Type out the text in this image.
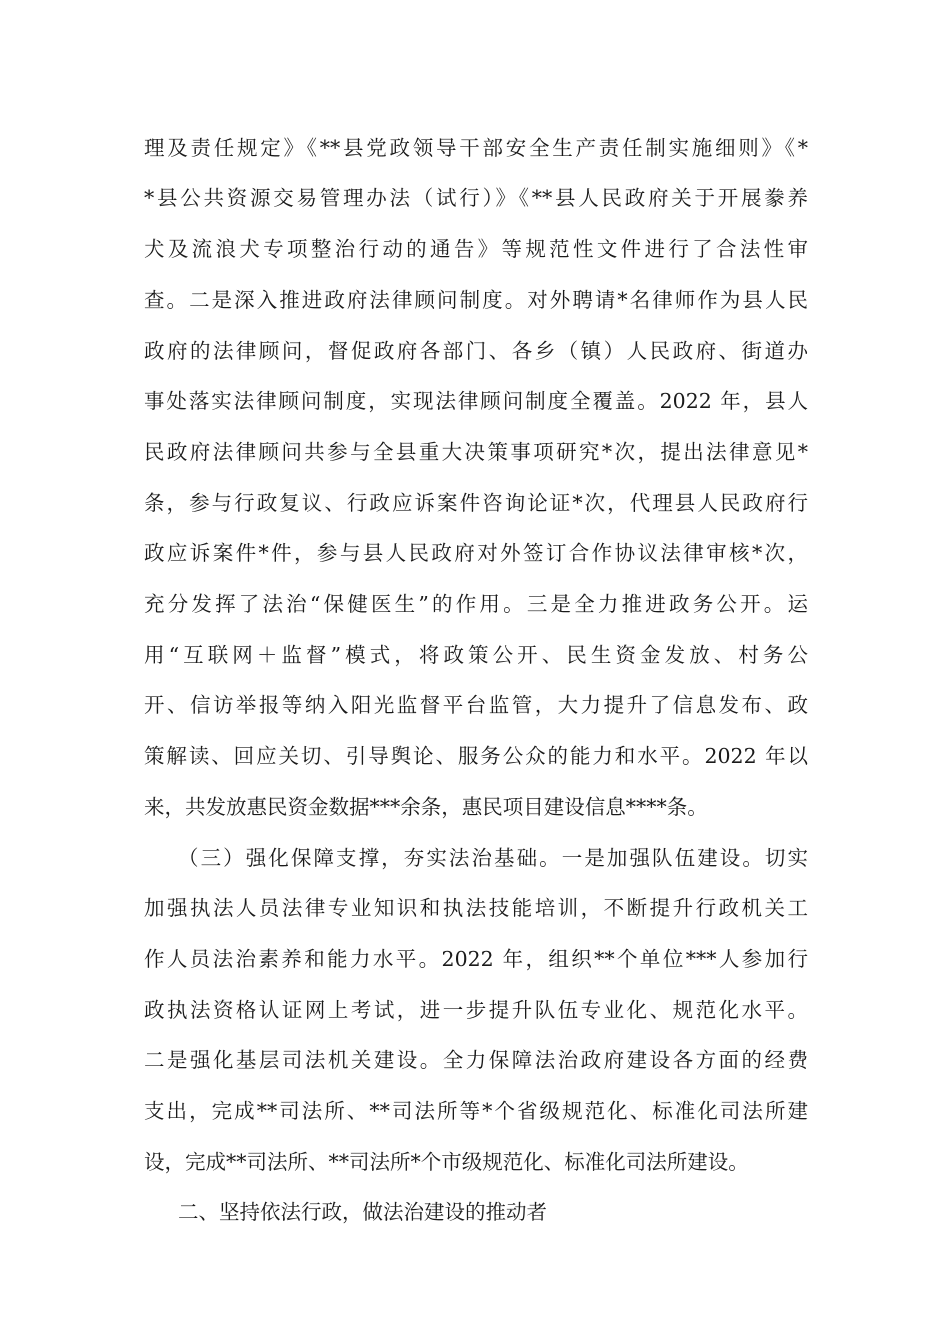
理及责任规定》《**县党政领导干部安全生产责任制实施细则》《*
*县公共资源交易管理办法（试行）》《**县人民政府关于开展豢养
犬及流浪犬专项整治行动的通告》等规范性文件进行了合法性审
查。二是深入推进政府法律顾问制度。对外聘请*名律师作为县人民
政府的法律顾问，督促政府各部门、各乡（镇）人民政府、街道办
事处落实法律顾问制度，实现法律顾问制度全覆盖。2022 年，县人
民政府法律顾问共参与全县重大决策事项研究*次，提出法律意见*
条，参与行政复议、行政应诉案件咨询论证*次，代理县人民政府行
政应诉案件*件，参与县人民政府对外签订合作协议法律审核*次，
充分发挥了法治“保健医生”的作用。三是全力推进政务公开。运
用“互联网＋监督”模式，将政策公开、民生资金发放、村务公
开、信访举报等纳入阳光监督平台监管，大力提升了信息发布、政
策解读、回应关切、引导舆论、服务公众的能力和水平。2022 年以
来，共发放惠民资金数据***余条，惠民项目建设信息****条。
（三）强化保障支撑，夯实法治基础。一是加强队伍建设。切实
加强执法人员法律专业知识和执法技能培训，不断提升行政机关工
作人员法治素养和能力水平。2022 年，组织**个单位***人参加行
政执法资格认证网上考试，进一步提升队伍专业化、规范化水平。
二是强化基层司法机关建设。全力保障法治政府建设各方面的经费
支出，完成**司法所、**司法所等*个省级规范化、标准化司法所建
设，完成**司法所、**司法所*个市级规范化、标准化司法所建设。
二、坚持依法行政，做法治建设的推动者
